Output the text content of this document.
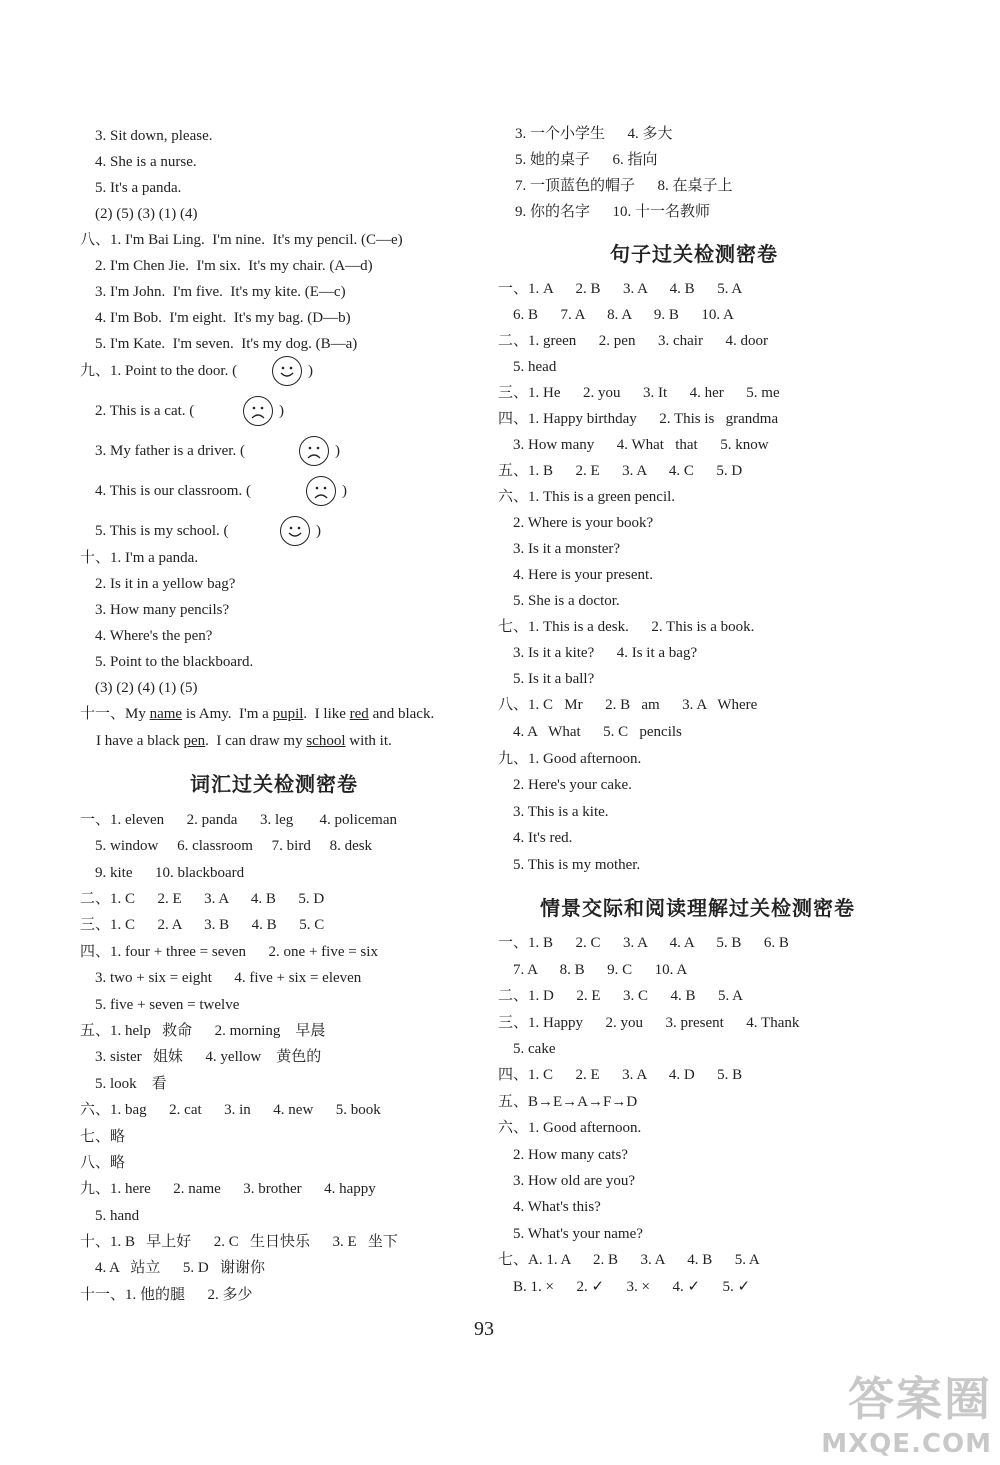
3. Sit down, please.
4. She is a nurse.
5. It's a panda.
(2) (5) (3) (1) (4)
八、1. I'm Bai Ling.  I'm nine.  It's my pencil. (C—e)
2. I'm Chen Jie.  I'm six.  It's my chair. (A—d)
3. I'm John.  I'm five.  It's my kite. (E—c)
4. I'm Bob.  I'm eight.  It's my bag. (D—b)
5. I'm Kate.  I'm seven.  It's my dog. (B—a)
九、1. Point to the door. (	)
2. This is a cat. (	)
3. My father is a driver. (	)
4. This is our classroom. (	)
5. This is my school. (	)
十、1. I'm a panda.
2. Is it in a yellow bag?
3. How many pencils?
4. Where's the pen?
5. Point to the blackboard.
(3) (2) (4) (1) (5)
十一、My name is Amy.  I'm a pupil.  I like red and black.
I have a black pen.  I can draw my school with it.
词汇过关检测密卷
一、1. eleven      2. panda      3. leg       4. policeman
5. window     6. classroom     7. bird     8. desk
9. kite      10. blackboard
二、1. C      2. E      3. A      4. B      5. D
三、1. C      2. A      3. B      4. B      5. C
四、1. four + three = seven      2. one + five = six
3. two + six = eight      4. five + six = eleven
5. five + seven = twelve
五、1. help   救命      2. morning    早晨
3. sister   姐妹      4. yellow    黄色的
5. look    看
六、1. bag      2. cat      3. in      4. new      5. book
七、略
八、略
九、1. here      2. name      3. brother      4. happy
5. hand
十、1. B   早上好      2. C   生日快乐      3. E   坐下
4. A   站立      5. D   谢谢你
十一、1. 他的腿      2. 多少
3. 一个小学生      4. 多大
5. 她的桌子      6. 指向
7. 一顶蓝色的帽子      8. 在桌子上
9. 你的名字      10. 十一名教师
句子过关检测密卷
一、1. A      2. B      3. A      4. B      5. A
6. B      7. A      8. A      9. B      10. A
二、1. green      2. pen      3. chair      4. door
5. head
三、1. He      2. you      3. It      4. her      5. me
四、1. Happy birthday      2. This is   grandma
3. How many      4. What   that      5. know
五、1. B      2. E      3. A      4. C      5. D
六、1. This is a green pencil.
2. Where is your book?
3. Is it a monster?
4. Here is your present.
5. She is a doctor.
七、1. This is a desk.      2. This is a book.
3. Is it a kite?      4. Is it a bag?
5. Is it a ball?
八、1. C   Mr      2. B   am      3. A   Where
4. A   What      5. C   pencils
九、1. Good afternoon.
2. Here's your cake.
3. This is a kite.
4. It's red.
5. This is my mother.
情景交际和阅读理解过关检测密卷
一、1. B      2. C      3. A      4. A      5. B      6. B
7. A      8. B      9. C      10. A
二、1. D      2. E      3. C      4. B      5. A
三、1. Happy      2. you      3. present      4. Thank
5. cake
四、1. C      2. E      3. A      4. D      5. B
五、B→E→A→F→D
六、1. Good afternoon.
2. How many cats?
3. How old are you?
4. What's this?
5. What's your name?
七、A. 1. A      2. B      3. A      4. B      5. A
B. 1. ×      2. ✓      3. ×      4. ✓      5. ✓
93
答案圈
MXQE.COM
